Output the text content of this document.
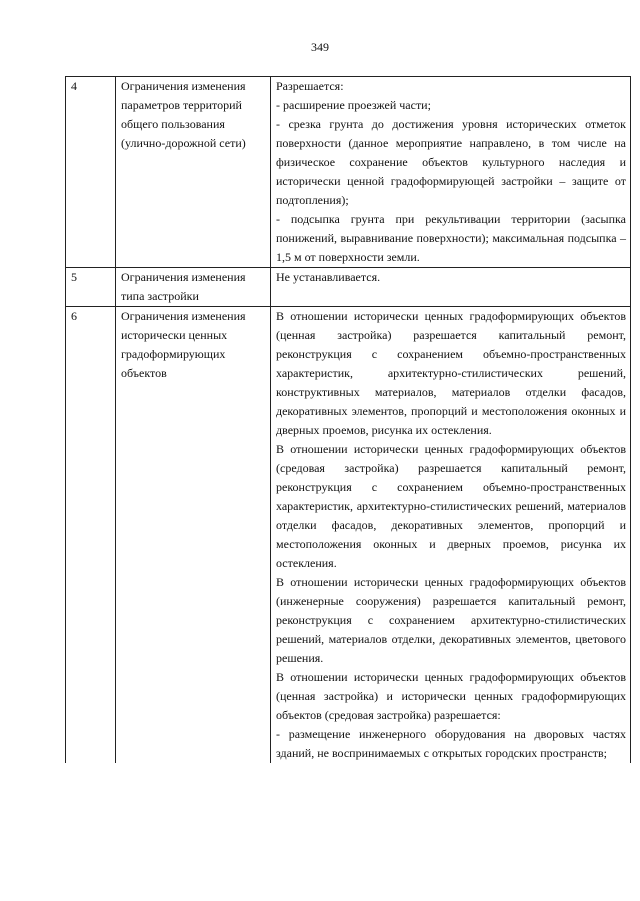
349
4	Ограничения изменения параметров территорий общего пользования (улично-дорожной сети)	Разрешается:
- расширение проезжей части;
- срезка грунта до достижения уровня исторических отметок поверхности (данное мероприятие направлено, в том числе на физическое сохранение объектов культурного наследия и исторически ценной градоформирующей застройки – защите от подтопления);
- подсыпка грунта при рекультивации территории (засыпка понижений, выравнивание поверхности); максимальная подсыпка – 1,5 м от поверхности земли.

5	Ограничения изменения типа застройки	Не устанавливается.

6	Ограничения изменения исторически ценных градоформирующих объектов	В отношении исторически ценных градоформирующих объектов (ценная застройка) разрешается капитальный ремонт, реконструкция с сохранением объемно-пространственных характеристик, архитектурно-стилистических решений, конструктивных материалов, материалов отделки фасадов, декоративных элементов, пропорций и местоположения оконных и дверных проемов, рисунка их остекления.
В отношении исторически ценных градоформирующих объектов (средовая застройка) разрешается капитальный ремонт, реконструкция с сохранением объемно-пространственных характеристик, архитектурно-стилистических решений, материалов отделки фасадов, декоративных элементов, пропорций и местоположения оконных и дверных проемов, рисунка их остекления.
В отношении исторически ценных градоформирующих объектов (инженерные сооружения) разрешается капитальный ремонт, реконструкция с сохранением архитектурно-стилистических решений, материалов отделки, декоративных элементов, цветового решения.
В отношении исторически ценных градоформирующих объектов (ценная застройка) и исторически ценных градоформирующих объектов (средовая застройка) разрешается:
- размещение инженерного оборудования на дворовых частях зданий, не воспринимаемых с открытых городских пространств;
